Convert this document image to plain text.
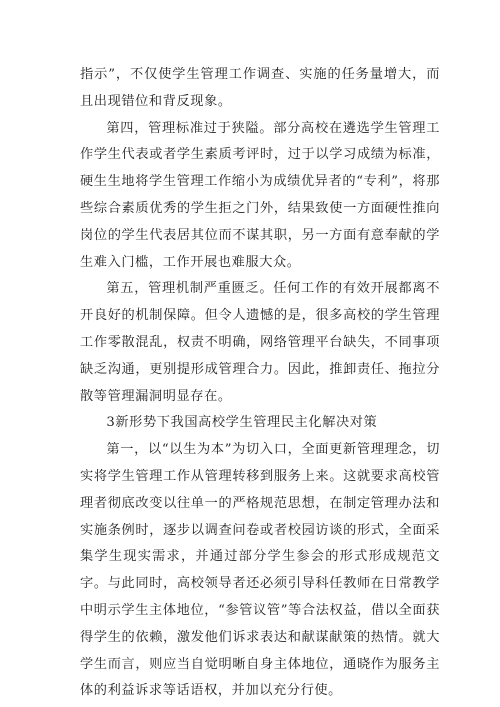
指示”，不仅使学生管理工作调查、实施的任务量增大，而且出现错位和背反现象。

第四，管理标准过于狭隘。部分高校在遴选学生管理工作学生代表或者学生素质考评时，过于以学习成绩为标准，硬生生地将学生管理工作缩小为成绩优异者的“专利”，将那些综合素质优秀的学生拒之门外，结果致使一方面硬性推向岗位的学生代表居其位而不谋其职，另一方面有意奉献的学生难入门槛，工作开展也难服大众。

第五，管理机制严重匮乏。任何工作的有效开展都离不开良好的机制保障。但令人遗憾的是，很多高校的学生管理工作零散混乱，权责不明确，网络管理平台缺失，不同事项缺乏沟通，更别提形成管理合力。因此，推卸责任、拖拉分散等管理漏洞明显存在。

3新形势下我国高校学生管理民主化解决对策

第一，以“以生为本”为切入口，全面更新管理理念，切实将学生管理工作从管理转移到服务上来。这就要求高校管理者彻底改变以往单一的严格规范思想，在制定管理办法和实施条例时，逐步以调查问卷或者校园访谈的形式，全面采集学生现实需求，并通过部分学生参会的形式形成规范文字。与此同时，高校领导者还必须引导科任教师在日常教学中明示学生主体地位，“参管议管”等合法权益，借以全面获得学生的依赖，激发他们诉求表达和献谋献策的热情。就大学生而言，则应当自觉明晰自身主体地位，通晓作为服务主体的利益诉求等话语权，并加以充分行使。
